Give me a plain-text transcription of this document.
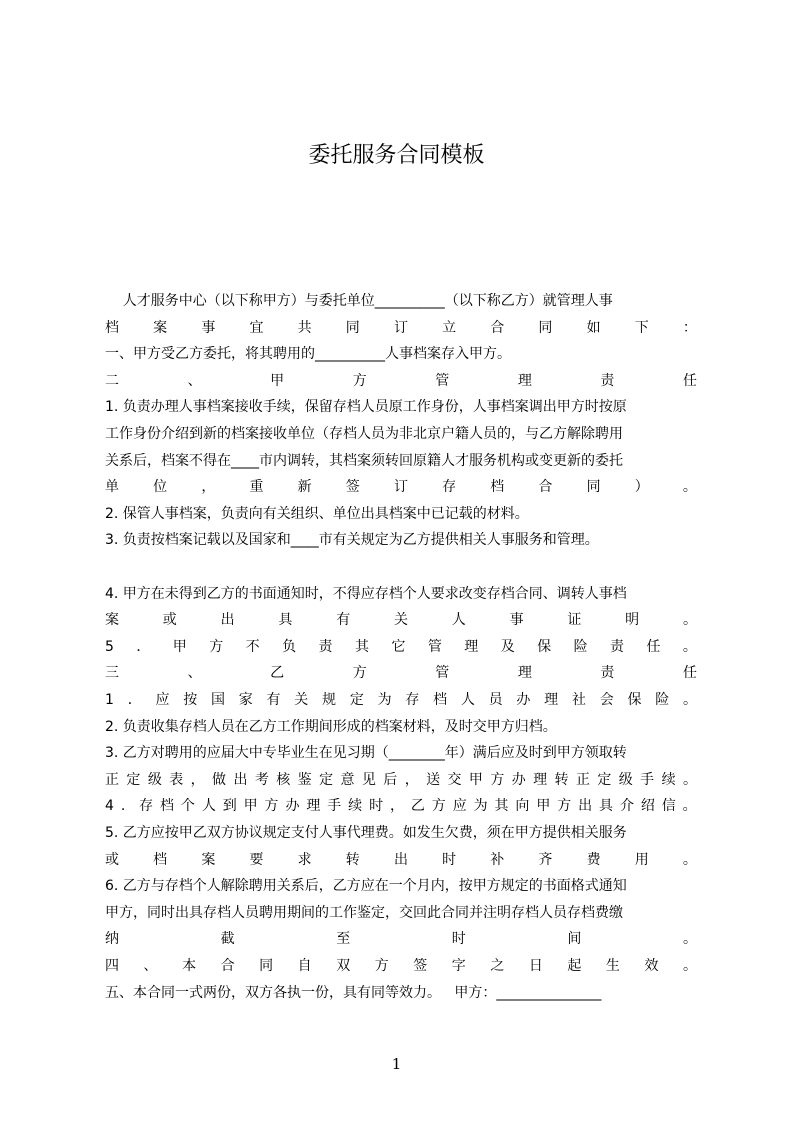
委托服务合同模板
人才服务中心（以下称甲方）与委托单位__________（以下称乙方）就管理人事
档 案 事 宜 共 同 订 立 合 同 如 下 ：
一、甲方受乙方委托，将其聘用的__________人事档案存入甲方。
二	、	甲	方	管	理	责	任
1. 负责办理人事档案接收手续，保留存档人员原工作身份，人事档案调出甲方时按原
工作身份介绍到新的档案接收单位（存档人员为非北京户籍人员的，与乙方解除聘用
关系后，档案不得在____市内调转，其档案须转回原籍人才服务机构或变更新的委托
单 位 ， 重 新 签 订 存 档 合 同 ） 。
2. 保管人事档案，负责向有关组织、单位出具档案中已记载的材料。
3. 负责按档案记载以及国家和____市有关规定为乙方提供相关人事服务和管理。
4. 甲方在未得到乙方的书面通知时，不得应存档个人要求改变存档合同、调转人事档
案	或	出	具	有	关	人	事	证	明	。
5 ． 甲 方 不 负 责 其 它 管 理 及 保 险 责 任 。
三	、	乙	方	管	理	责	任
1 ． 应 按 国 家 有 关 规 定 为 存 档 人 员 办 理 社 会 保 险 。
2. 负责收集存档人员在乙方工作期间形成的档案材料，及时交甲方归档。
3. 乙方对聘用的应届大中专毕业生在见习期（________年）满后应及时到甲方领取转
正 定 级 表 ， 做 出 考 核 鉴 定 意 见 后 ， 送 交 甲 方 办 理 转 正 定 级 手 续 。
4 . 存 档 个 人 到 甲 方 办 理 手 续 时 ， 乙 方 应 为 其 向 甲 方 出 具 介 绍 信 。
5. 乙方应按甲乙双方协议规定支付人事代理费。如发生欠费，须在甲方提供相关服务
或 档 案 要 求 转 出 时 补 齐 费 用 。
6. 乙方与存档个人解除聘用关系后，乙方应在一个月内，按甲方规定的书面格式通知
甲方，同时出具存档人员聘用期间的工作鉴定，交回此合同并注明存档人员存档费缴
纳	截	至	时	间	。
四 、 本 合 同 自 双 方 签 字 之 日 起 生 效 。
五、本合同一式两份，双方各执一份，具有同等效力。   甲方：_______________
1
